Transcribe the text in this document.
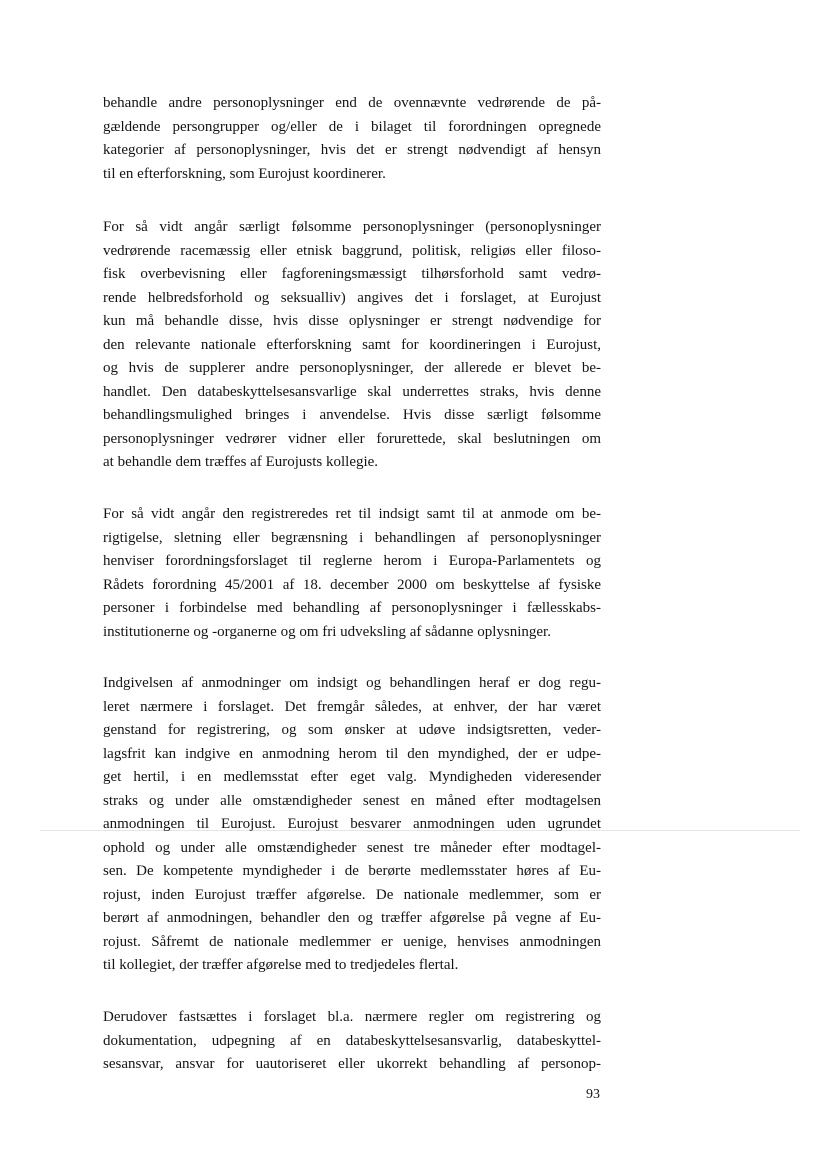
behandle andre personoplysninger end de ovennævnte vedrørende de på-
gældende persongrupper og/eller de i bilaget til forordningen opregnede
kategorier af personoplysninger, hvis det er strengt nødvendigt af hensyn
til en efterforskning, som Eurojust koordinerer.
For så vidt angår særligt følsomme personoplysninger (personoplysninger
vedrørende racemæssig eller etnisk baggrund, politisk, religiøs eller filoso-
fisk overbevisning eller fagforeningsmæssigt tilhørsforhold samt vedrø-
rende helbredsforhold og seksualliv) angives det i forslaget, at Eurojust
kun må behandle disse, hvis disse oplysninger er strengt nødvendige for
den relevante nationale efterforskning samt for koordineringen i Eurojust,
og hvis de supplerer andre personoplysninger, der allerede er blevet be-
handlet. Den databeskyttelsesansvarlige skal underrettes straks, hvis denne
behandlingsmulighed bringes i anvendelse. Hvis disse særligt følsomme
personoplysninger vedrører vidner eller forurettede, skal beslutningen om
at behandle dem træffes af Eurojusts kollegie.
For så vidt angår den registreredes ret til indsigt samt til at anmode om be-
rigtigelse, sletning eller begrænsning i behandlingen af personoplysninger
henviser forordningsforslaget til reglerne herom i Europa-Parlamentets og
Rådets forordning 45/2001 af 18. december 2000 om beskyttelse af fysiske
personer i forbindelse med behandling af personoplysninger i fællesskabs-
institutionerne og -organerne og om fri udveksling af sådanne oplysninger.
Indgivelsen af anmodninger om indsigt og behandlingen heraf er dog regu-
leret nærmere i forslaget. Det fremgår således, at enhver, der har været
genstand for registrering, og som ønsker at udøve indsigtsretten, veder-
lagsfrit kan indgive en anmodning herom til den myndighed, der er udpe-
get hertil, i en medlemsstat efter eget valg. Myndigheden videresender
straks og under alle omstændigheder senest en måned efter modtagelsen
anmodningen til Eurojust. Eurojust besvarer anmodningen uden ugrundet
ophold og under alle omstændigheder senest tre måneder efter modtagel-
sen. De kompetente myndigheder i de berørte medlemsstater høres af Eu-
rojust, inden Eurojust træffer afgørelse. De nationale medlemmer, som er
berørt af anmodningen, behandler den og træffer afgørelse på vegne af Eu-
rojust. Såfremt de nationale medlemmer er uenige, henvises anmodningen
til kollegiet, der træffer afgørelse med to tredjedeles flertal.
Derudover fastsættes i forslaget bl.a. nærmere regler om registrering og
dokumentation, udpegning af en databeskyttelsesansvarlig, databeskyttel-
sesansvar, ansvar for uautoriseret eller ukorrekt behandling af personop-
93
